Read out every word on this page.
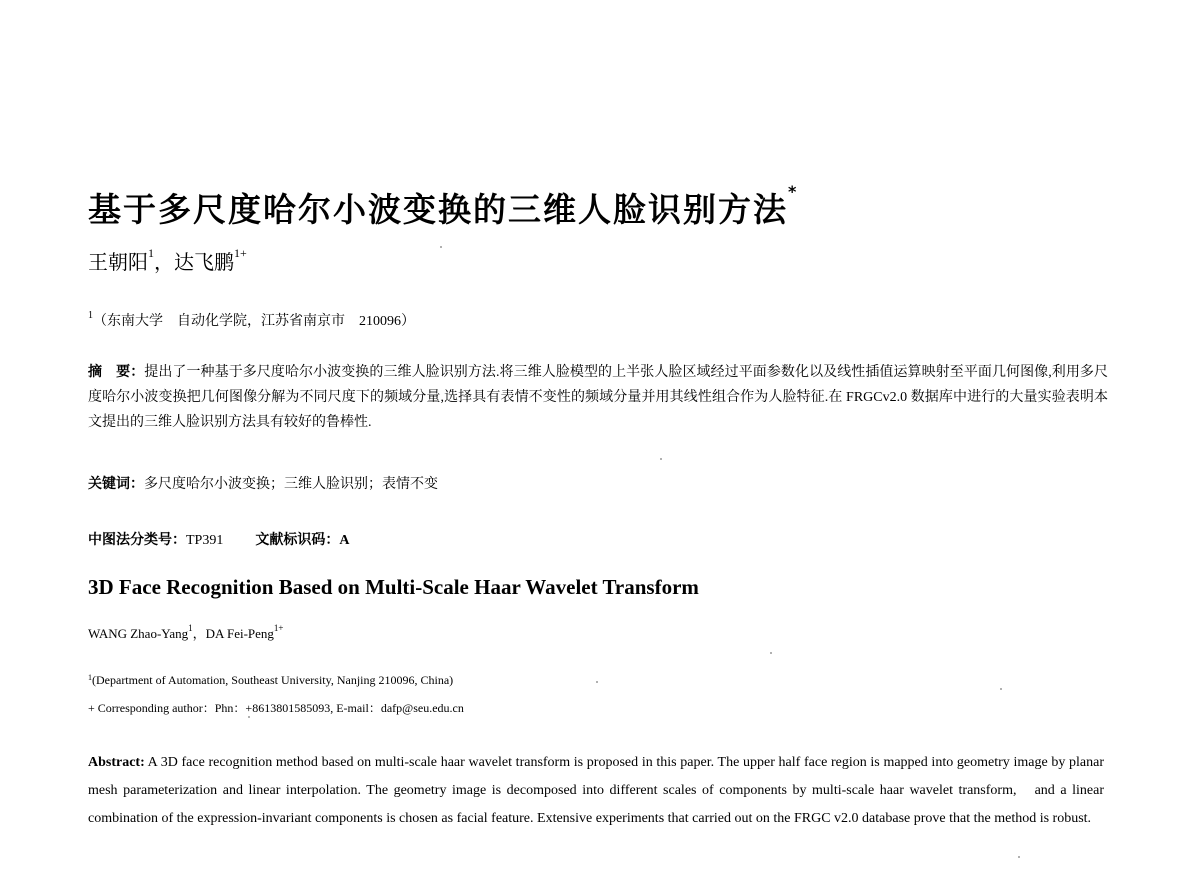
基于多尺度哈尔小波变换的三维人脸识别方法*
王朝阳$^1$，达飞鹏$^{1+}$
$^1$（东南大学　自动化学院，江苏省南京市　210096）
摘　要：提出了一种基于多尺度哈尔小波变换的三维人脸识别方法.将三维人脸模型的上半张人脸区域经过平面参数化以及线性插值运算映射至平面几何图像,利用多尺度哈尔小波变换把几何图像分解为不同尺度下的频域分量,选择具有表情不变性的频域分量并用其线性组合作为人脸特征.在 FRGCv2.0 数据库中进行的大量实验表明本文提出的三维人脸识别方法具有较好的鲁棒性.
关键词：多尺度哈尔小波变换；三维人脸识别；表情不变
中图法分类号：TP391 文献标识码：A
3D Face Recognition Based on Multi-Scale Haar Wavelet Transform
WANG Zhao-Yang$^1$，DA Fei-Peng$^{1+}$
$^1$(Department of Automation, Southeast University, Nanjing 210096, China)
+ Corresponding author：Phn：+8613801585093, E-mail：dafp@seu.edu.cn
Abstract: A 3D face recognition method based on multi-scale haar wavelet transform is proposed in this paper. The upper half face region is mapped into geometry image by planar mesh parameterization and linear interpolation. The geometry image is decomposed into different scales of components by multi-scale haar wavelet transform,　and a linear combination of the expression-invariant components is chosen as facial feature. Extensive experiments that carried out on the FRGC v2.0 database prove that the method is robust.
